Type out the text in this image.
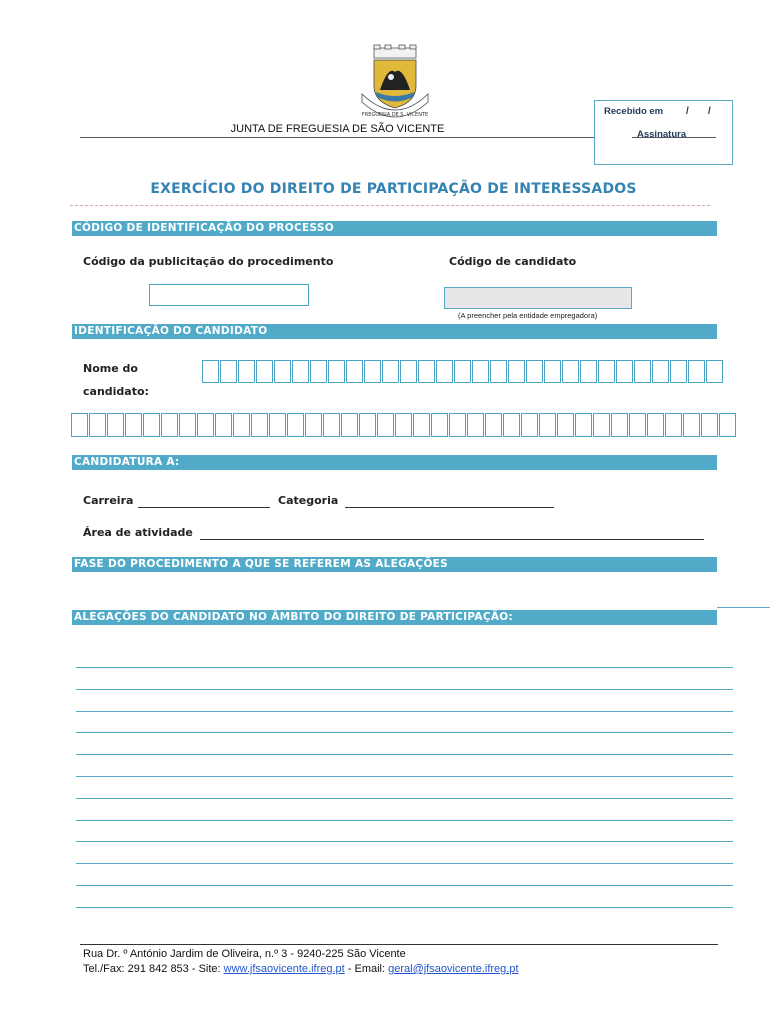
FREGUESIA DE S. VICENTE
JUNTA DE FREGUESIA DE SÃO VICENTE
Recebido em / /
Assinatura
EXERCÍCIO DO DIREITO DE PARTICIPAÇÃO DE INTERESSADOS
CÓDIGO DE IDENTIFICAÇÃO DO PROCESSO
Código da publicitação do procedimento	Código de candidato
(A preencher pela entidade empregadora)
IDENTIFICAÇÃO DO CANDIDATO
Nome do
candidato:
CANDIDATURA A:
Carreira	Categoria
Área de atividade
FASE DO PROCEDIMENTO A QUE SE REFEREM AS ALEGAÇÕES
ALEGAÇÕES DO CANDIDATO NO ÂMBITO DO DIREITO DE PARTICIPAÇÃO:
Rua Dr. º António Jardim de Oliveira, n.º 3 - 9240-225 São Vicente
Tel./Fax: 291 842 853 - Site: www.jfsaovicente.ifreg.pt - Email: geral@jfsaovicente.ifreg.pt
